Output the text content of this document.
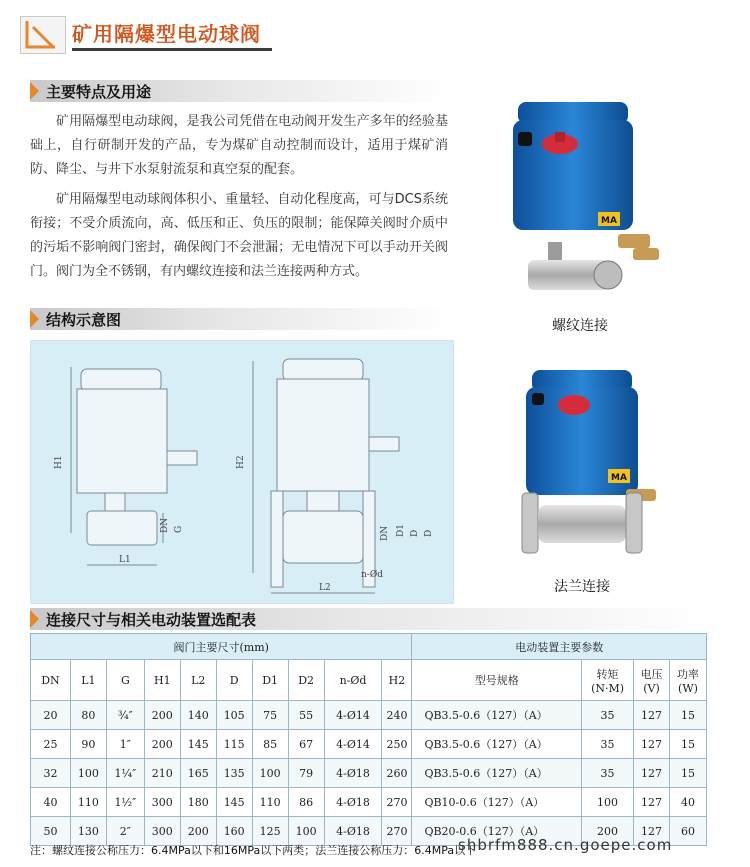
矿用隔爆型电动球阀
主要特点及用途
矿用隔爆型电动球阀，是我公司凭借在电动阀开发生产多年的经验基础上，自行研制开发的产品，专为煤矿自动控制而设计，适用于煤矿消防、降尘、与井下水泵射流泵和真空泵的配套。
矿用隔爆型电动球阀体积小、重量轻、自动化程度高，可与DCS系统衔接；不受介质流向，高、低压和正、负压的限制；能保障关阀时介质中的污垢不影响阀门密封，确保阀门不会泄漏；无电情况下可以手动开关阀门。阀门为全不锈钢，有内螺纹连接和法兰连接两种方式。
MA
螺纹连接
MA
法兰连接
结构示意图
H1
L1
DN G
H2
L2
DN D1 D D
n-Ød
连接尺寸与相关电动装置选配表
阀门主要尺寸(mm)										电动装置主要参数			
DN	L1	G	H1	L2	D	D1	D2	n-Ød	H2	型号规格	转矩 (N·M)	电压 (V)	功率 (W)
20	80	¾″	200	140	105	75	55	4-Ø14	240	QB3.5-0.6（127）（A）	35	127	15
25	90	1″	200	145	115	85	67	4-Ø14	250	QB3.5-0.6（127）（A）	35	127	15
32	100	1¼″	210	165	135	100	79	4-Ø18	260	QB3.5-0.6（127）（A）	35	127	15
40	110	1½″	300	180	145	110	86	4-Ø18	270	QB10-0.6（127）（A）	100	127	40
50	130	2″	300	200	160	125	100	4-Ø18	270	QB20-0.6（127）（A）	200	127	60
注：螺纹连接公称压力：6.4MPa以下和16MPa以下两类；法兰连接公称压力：6.4MPa以下
shbrfm888.cn.goepe.com
